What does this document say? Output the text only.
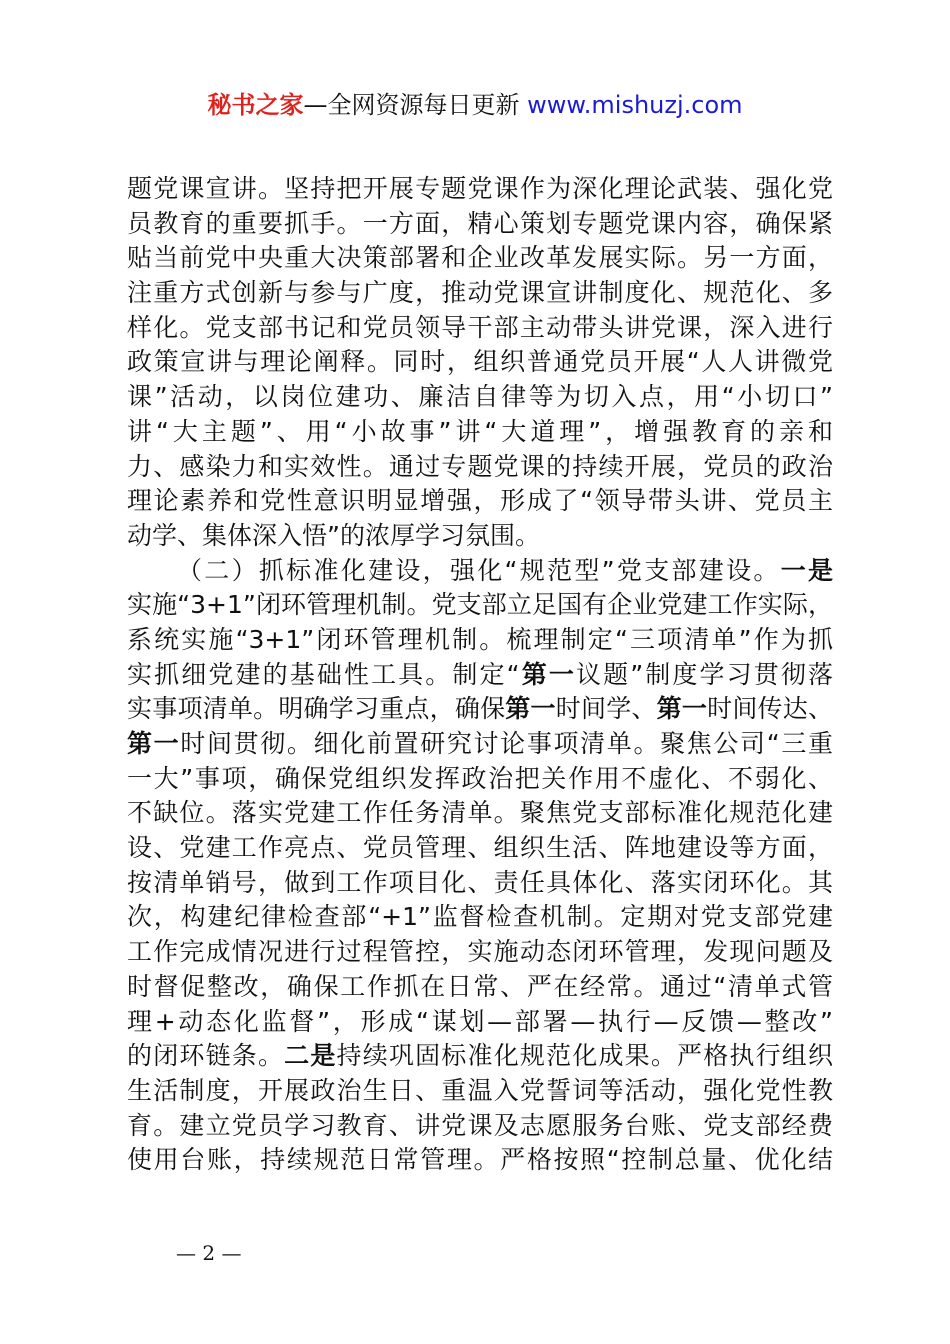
秘书之家—全网资源每日更新 www.mishuzj.com
题党课宣讲。坚持把开展专题党课作为深化理论武装、强化党
员教育的重要抓手。一方面，精心策划专题党课内容，确保紧
贴当前党中央重大决策部署和企业改革发展实际。另一方面，
注重方式创新与参与广度，推动党课宣讲制度化、规范化、多
样化。党支部书记和党员领导干部主动带头讲党课，深入进行
政策宣讲与理论阐释。同时，组织普通党员开展“人人讲微党
课”活动，以岗位建功、廉洁自律等为切入点，用“小切口”
讲“大主题”、用“小故事”讲“大道理”，增强教育的亲和
力、感染力和实效性。通过专题党课的持续开展，党员的政治
理论素养和党性意识明显增强，形成了“领导带头讲、党员主
动学、集体深入悟”的浓厚学习氛围。
（二）抓标准化建设，强化“规范型”党支部建设。一是
实施“3+1”闭环管理机制。党支部立足国有企业党建工作实际，
系统实施“3+1”闭环管理机制。梳理制定“三项清单”作为抓
实抓细党建的基础性工具。制定“第一议题”制度学习贯彻落
实事项清单。明确学习重点，确保第一时间学、第一时间传达、
第一时间贯彻。细化前置研究讨论事项清单。聚焦公司“三重
一大”事项，确保党组织发挥政治把关作用不虚化、不弱化、
不缺位。落实党建工作任务清单。聚焦党支部标准化规范化建
设、党建工作亮点、党员管理、组织生活、阵地建设等方面，
按清单销号，做到工作项目化、责任具体化、落实闭环化。其
次，构建纪律检查部“+1”监督检查机制。定期对党支部党建
工作完成情况进行过程管控，实施动态闭环管理，发现问题及
时督促整改，确保工作抓在日常、严在经常。通过“清单式管
理+动态化监督”，形成“谋划—部署—执行—反馈—整改”
的闭环链条。二是持续巩固标准化规范化成果。严格执行组织
生活制度，开展政治生日、重温入党誓词等活动，强化党性教
育。建立党员学习教育、讲党课及志愿服务台账、党支部经费
使用台账，持续规范日常管理。严格按照“控制总量、优化结
— 2 —
